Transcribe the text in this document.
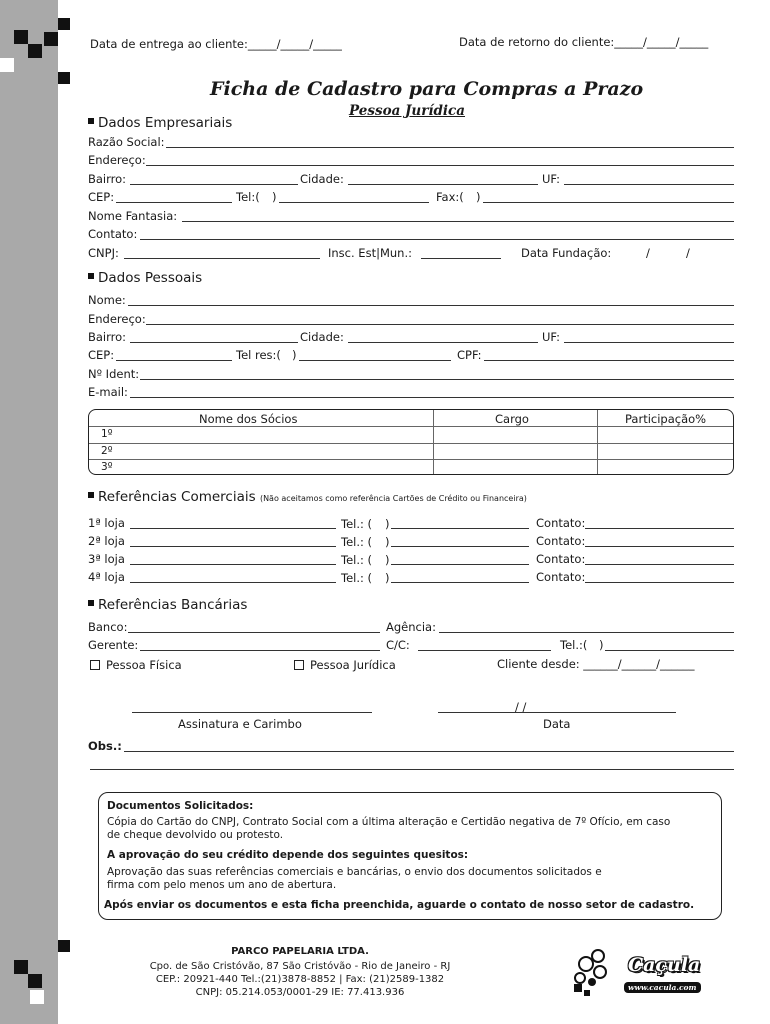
Data de entrega ao cliente:_____/_____/_____	Data de retorno do cliente:_____/_____/_____
Ficha de Cadastro para Compras a Prazo
Pessoa Jurídica
Dados Empresariais
Razão Social:
Endereço:
Bairro:	Cidade:	UF:
CEP:	Tel:( )	Fax:( )
Nome Fantasia:
Contato:
CNPJ:	Insc. Est|Mun.:	Data Fundação:	/	/
Dados Pessoais
Nome:
Endereço:
Bairro:	Cidade:	UF:
CEP:	Tel res:( )	CPF:
Nº Ident:
E-mail:
Nome dos Sócios	Cargo	Participação%
1º
2º
3º
Referências Comerciais (Não aceitamos como referência Cartões de Crédito ou Financeira)
1ª loja	Tel.: ( )	Contato:
2ª loja	Tel.: ( )	Contato:
3ª loja	Tel.: ( )	Contato:
4ª loja	Tel.: ( )	Contato:
Referências Bancárias
Banco:	Agência:
Gerente:	C/C:	Tel.:( )
Pessoa Física	Pessoa Jurídica	Cliente desde: ______/______/______
Assinatura e Carimbo
/ /
Data
Obs.:
Documentos Solicitados:
Cópia do Cartão do CNPJ, Contrato Social com a última alteração e Certidão negativa de 7º Ofício, em caso
de cheque devolvido ou protesto.
A aprovação do seu crédito depende dos seguintes quesitos:
Aprovação das suas referências comerciais e bancárias, o envio dos documentos solicitados e
firma com pelo menos um ano de abertura.
Após enviar os documentos e esta ficha preenchida, aguarde o contato de nosso setor de cadastro.
PARCO PAPELARIA LTDA.
Cpo. de São Cristóvão, 87 São Cristóvão - Rio de Janeiro - RJ
CEP.: 20921-440 Tel.:(21)3878-8852 | Fax: (21)2589-1382
CNPJ: 05.214.053/0001-29 IE: 77.413.936
Caçula
www.cacula.com
